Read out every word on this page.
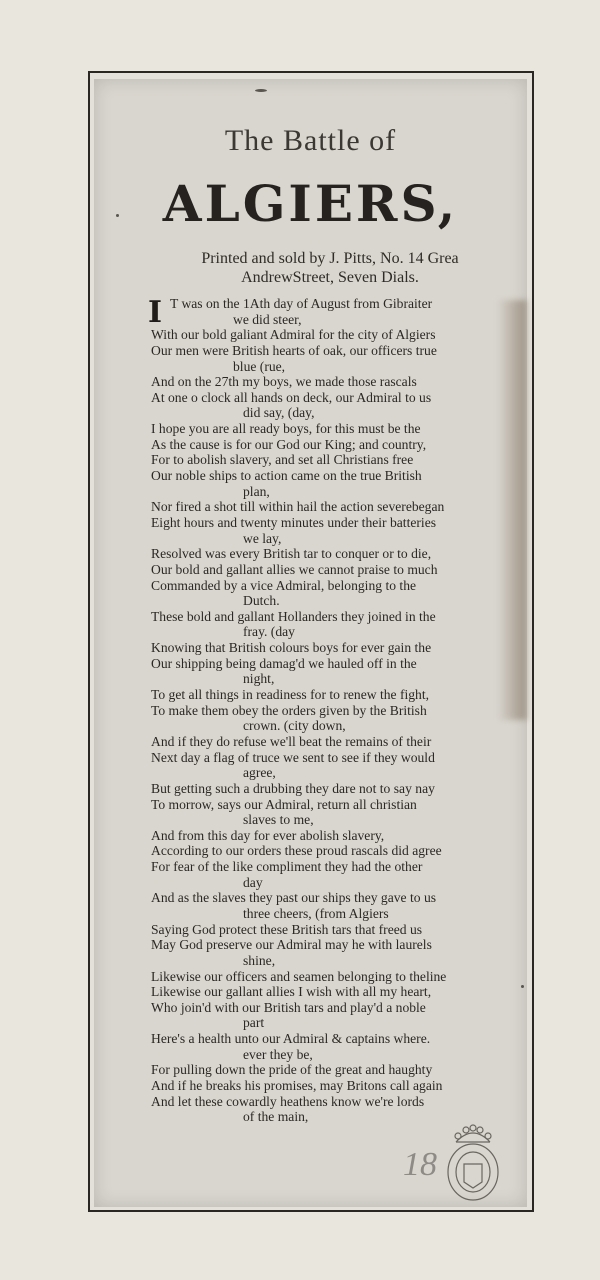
The Battle of
ALGIERS,
Printed and sold by J. Pitts, No. 14 Grea
AndrewStreet, Seven Dials.
I T was on the 1Ath day of August from Gibraiter
we did steer,
With our bold galiant Admiral for the city of Algiers
Our men were British hearts of oak, our officers true
blue (rue,
And on the 27th my boys, we made those rascals
At one o clock all hands on deck, our Admiral to us
did say, (day,
I hope you are all ready boys, for this must be the
As the cause is for our God our King; and country,
For to abolish slavery, and set all Christians free
Our noble ships to action came on the true British
plan,
Nor fired a shot till within hail the action severebegan
Eight hours and twenty minutes under their batteries
we lay,
Resolved was every British tar to conquer or to die,
Our bold and gallant allies we cannot praise to much
Commanded by a vice Admiral, belonging to the
Dutch.
These bold and gallant Hollanders they joined in the
fray. (day
Knowing that British colours boys for ever gain the
Our shipping being damag'd we hauled off in the
night,
To get all things in readiness for to renew the fight,
To make them obey the orders given by the British
crown. (city down,
And if they do refuse we'll beat the remains of their
Next day a flag of truce we sent to see if they would
agree,
But getting such a drubbing they dare not to say nay
To morrow, says our Admiral, return all christian
slaves to me,
And from this day for ever abolish slavery,
According to our orders these proud rascals did agree
For fear of the like compliment they had the other
day
And as the slaves they past our ships they gave to us
three cheers, (from Algiers
Saying God protect these British tars that freed us
May God preserve our Admiral may he with laurels
shine,
Likewise our officers and seamen belonging to theline
Likewise our gallant allies I wish with all my heart,
Who join'd with our British tars and play'd a noble
part
Here's a health unto our Admiral & captains where.
ever they be,
For pulling down the pride of the great and haughty
And if he breaks his promises, may Britons call again
And let these cowardly heathens know we're lords
of the main,
18
